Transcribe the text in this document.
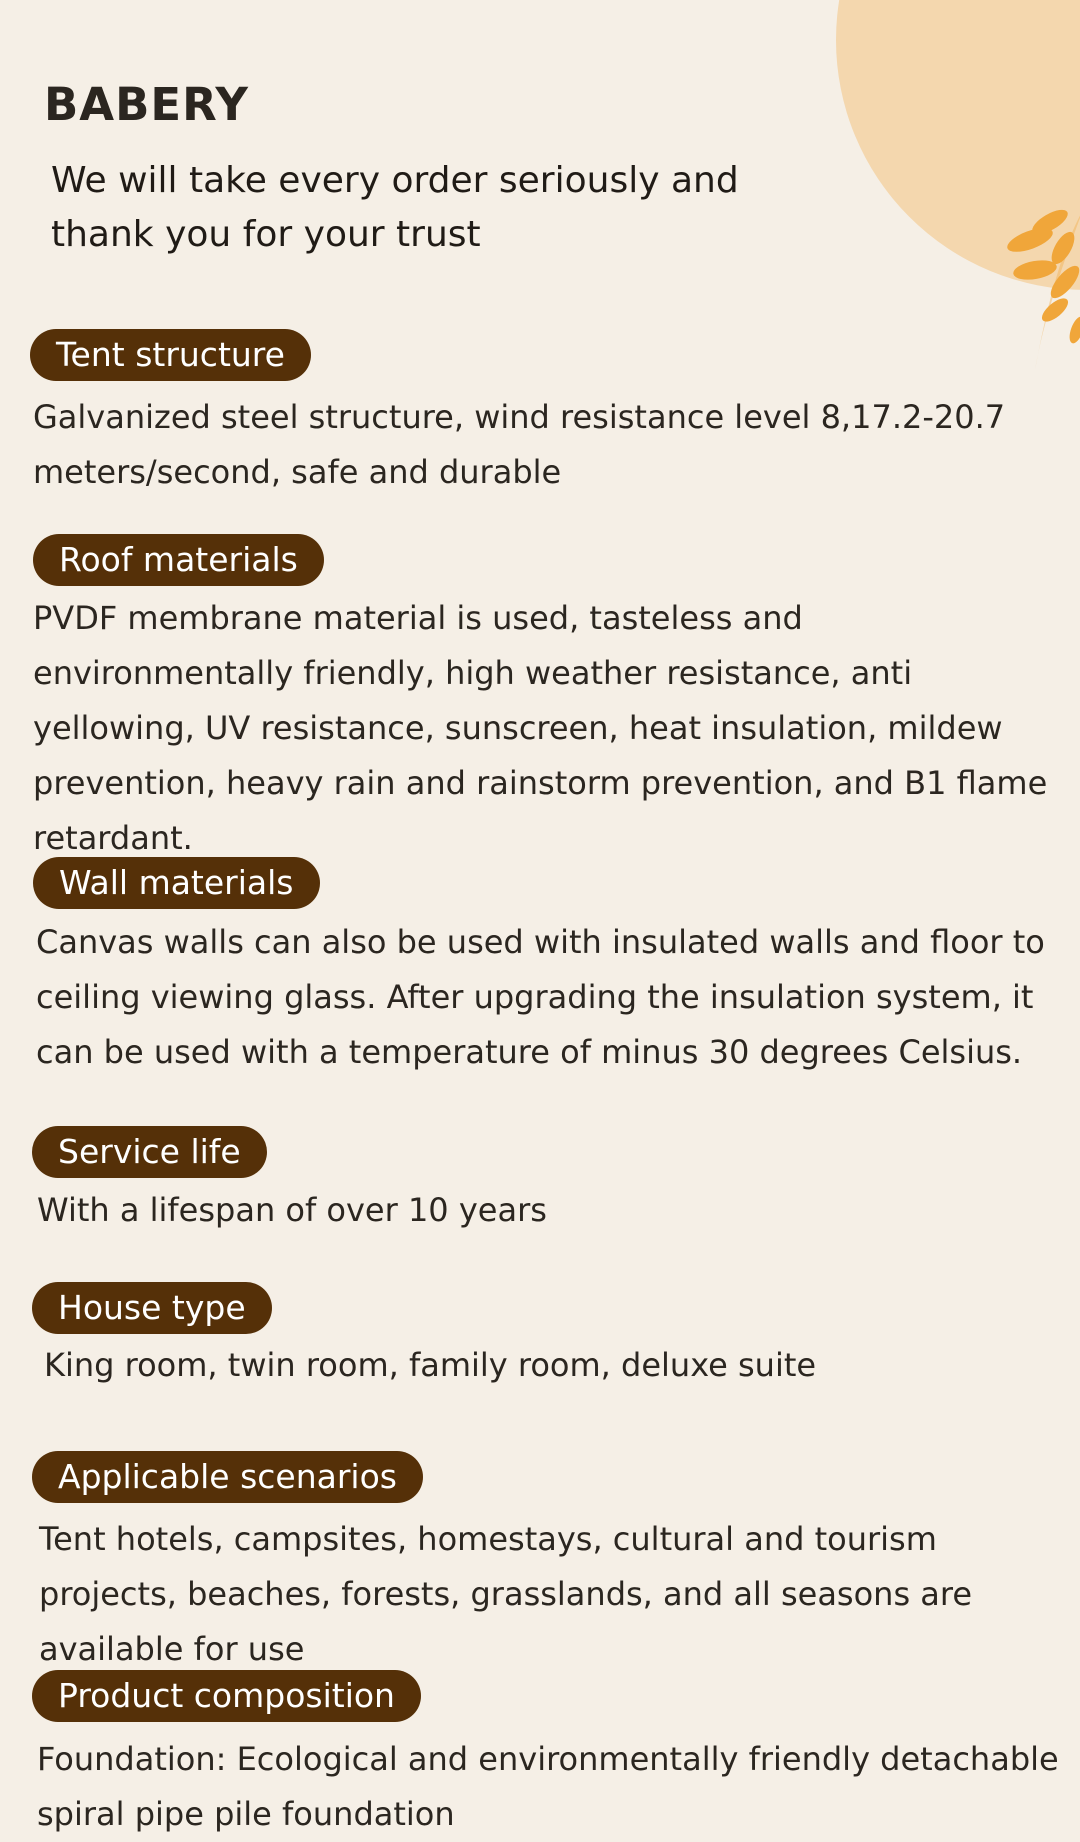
BABERY

We will take every order seriously and thank you for your trust

Tent structure

Galvanized steel structure, wind resistance level 8,17.2-20.7 meters/second, safe and durable

Roof materials

PVDF membrane material is used, tasteless and environmentally friendly, high weather resistance, anti yellowing, UV resistance, sunscreen, heat insulation, mildew prevention, heavy rain and rainstorm prevention, and B1 flame retardant.

Wall materials

Canvas walls can also be used with insulated walls and floor to ceiling viewing glass. After upgrading the insulation system, it can be used with a temperature of minus 30 degrees Celsius.

Service life

With a lifespan of over 10 years

House type

King room, twin room, family room, deluxe suite

Applicable scenarios

Tent hotels, campsites, homestays, cultural and tourism projects, beaches, forests, grasslands, and all seasons are available for use

Product composition

Foundation: Ecological and environmentally friendly detachable spiral pipe pile foundation
